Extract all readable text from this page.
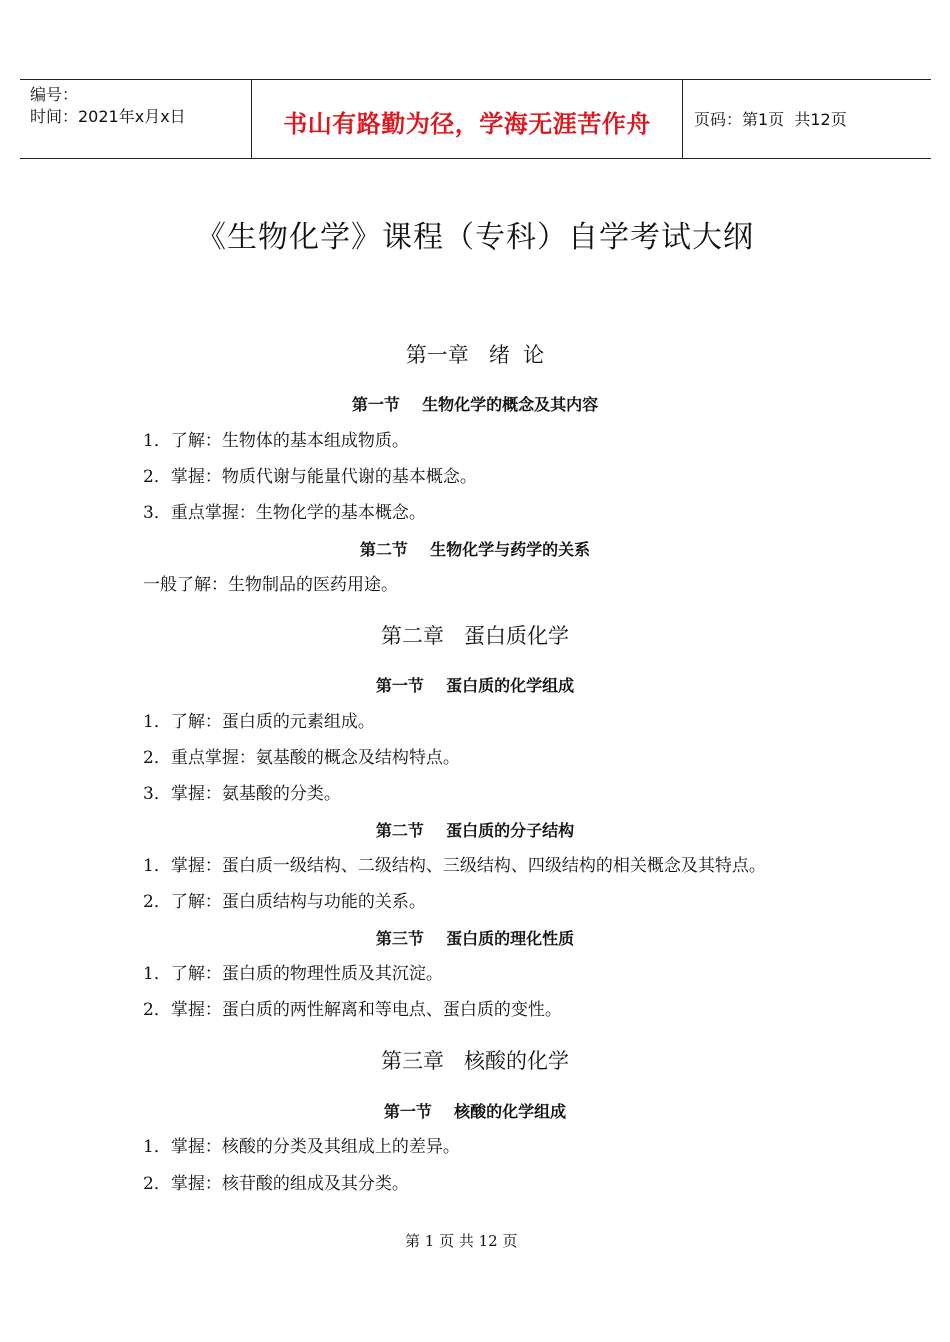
编号：
时间：2021年x月x日	书山有路勤为径，学海无涯苦作舟	页码：第1页  共12页
《生物化学》课程（专科）自学考试大纲
第一章   绪  论
第一节    生物化学的概念及其内容
1．了解：生物体的基本组成物质。
2．掌握：物质代谢与能量代谢的基本概念。
3．重点掌握：生物化学的基本概念。
第二节    生物化学与药学的关系
一般了解：生物制品的医药用途。
第二章   蛋白质化学
第一节    蛋白质的化学组成
1．了解：蛋白质的元素组成。
2．重点掌握：氨基酸的概念及结构特点。
3．掌握：氨基酸的分类。
第二节    蛋白质的分子结构
1．掌握：蛋白质一级结构、二级结构、三级结构、四级结构的相关概念及其特点。
2．了解：蛋白质结构与功能的关系。
第三节    蛋白质的理化性质
1．了解：蛋白质的物理性质及其沉淀。
2．掌握：蛋白质的两性解离和等电点、蛋白质的变性。
第三章   核酸的化学
第一节    核酸的化学组成
1．掌握：核酸的分类及其组成上的差异。
2．掌握：核苷酸的组成及其分类。
第 1 页 共 12 页
